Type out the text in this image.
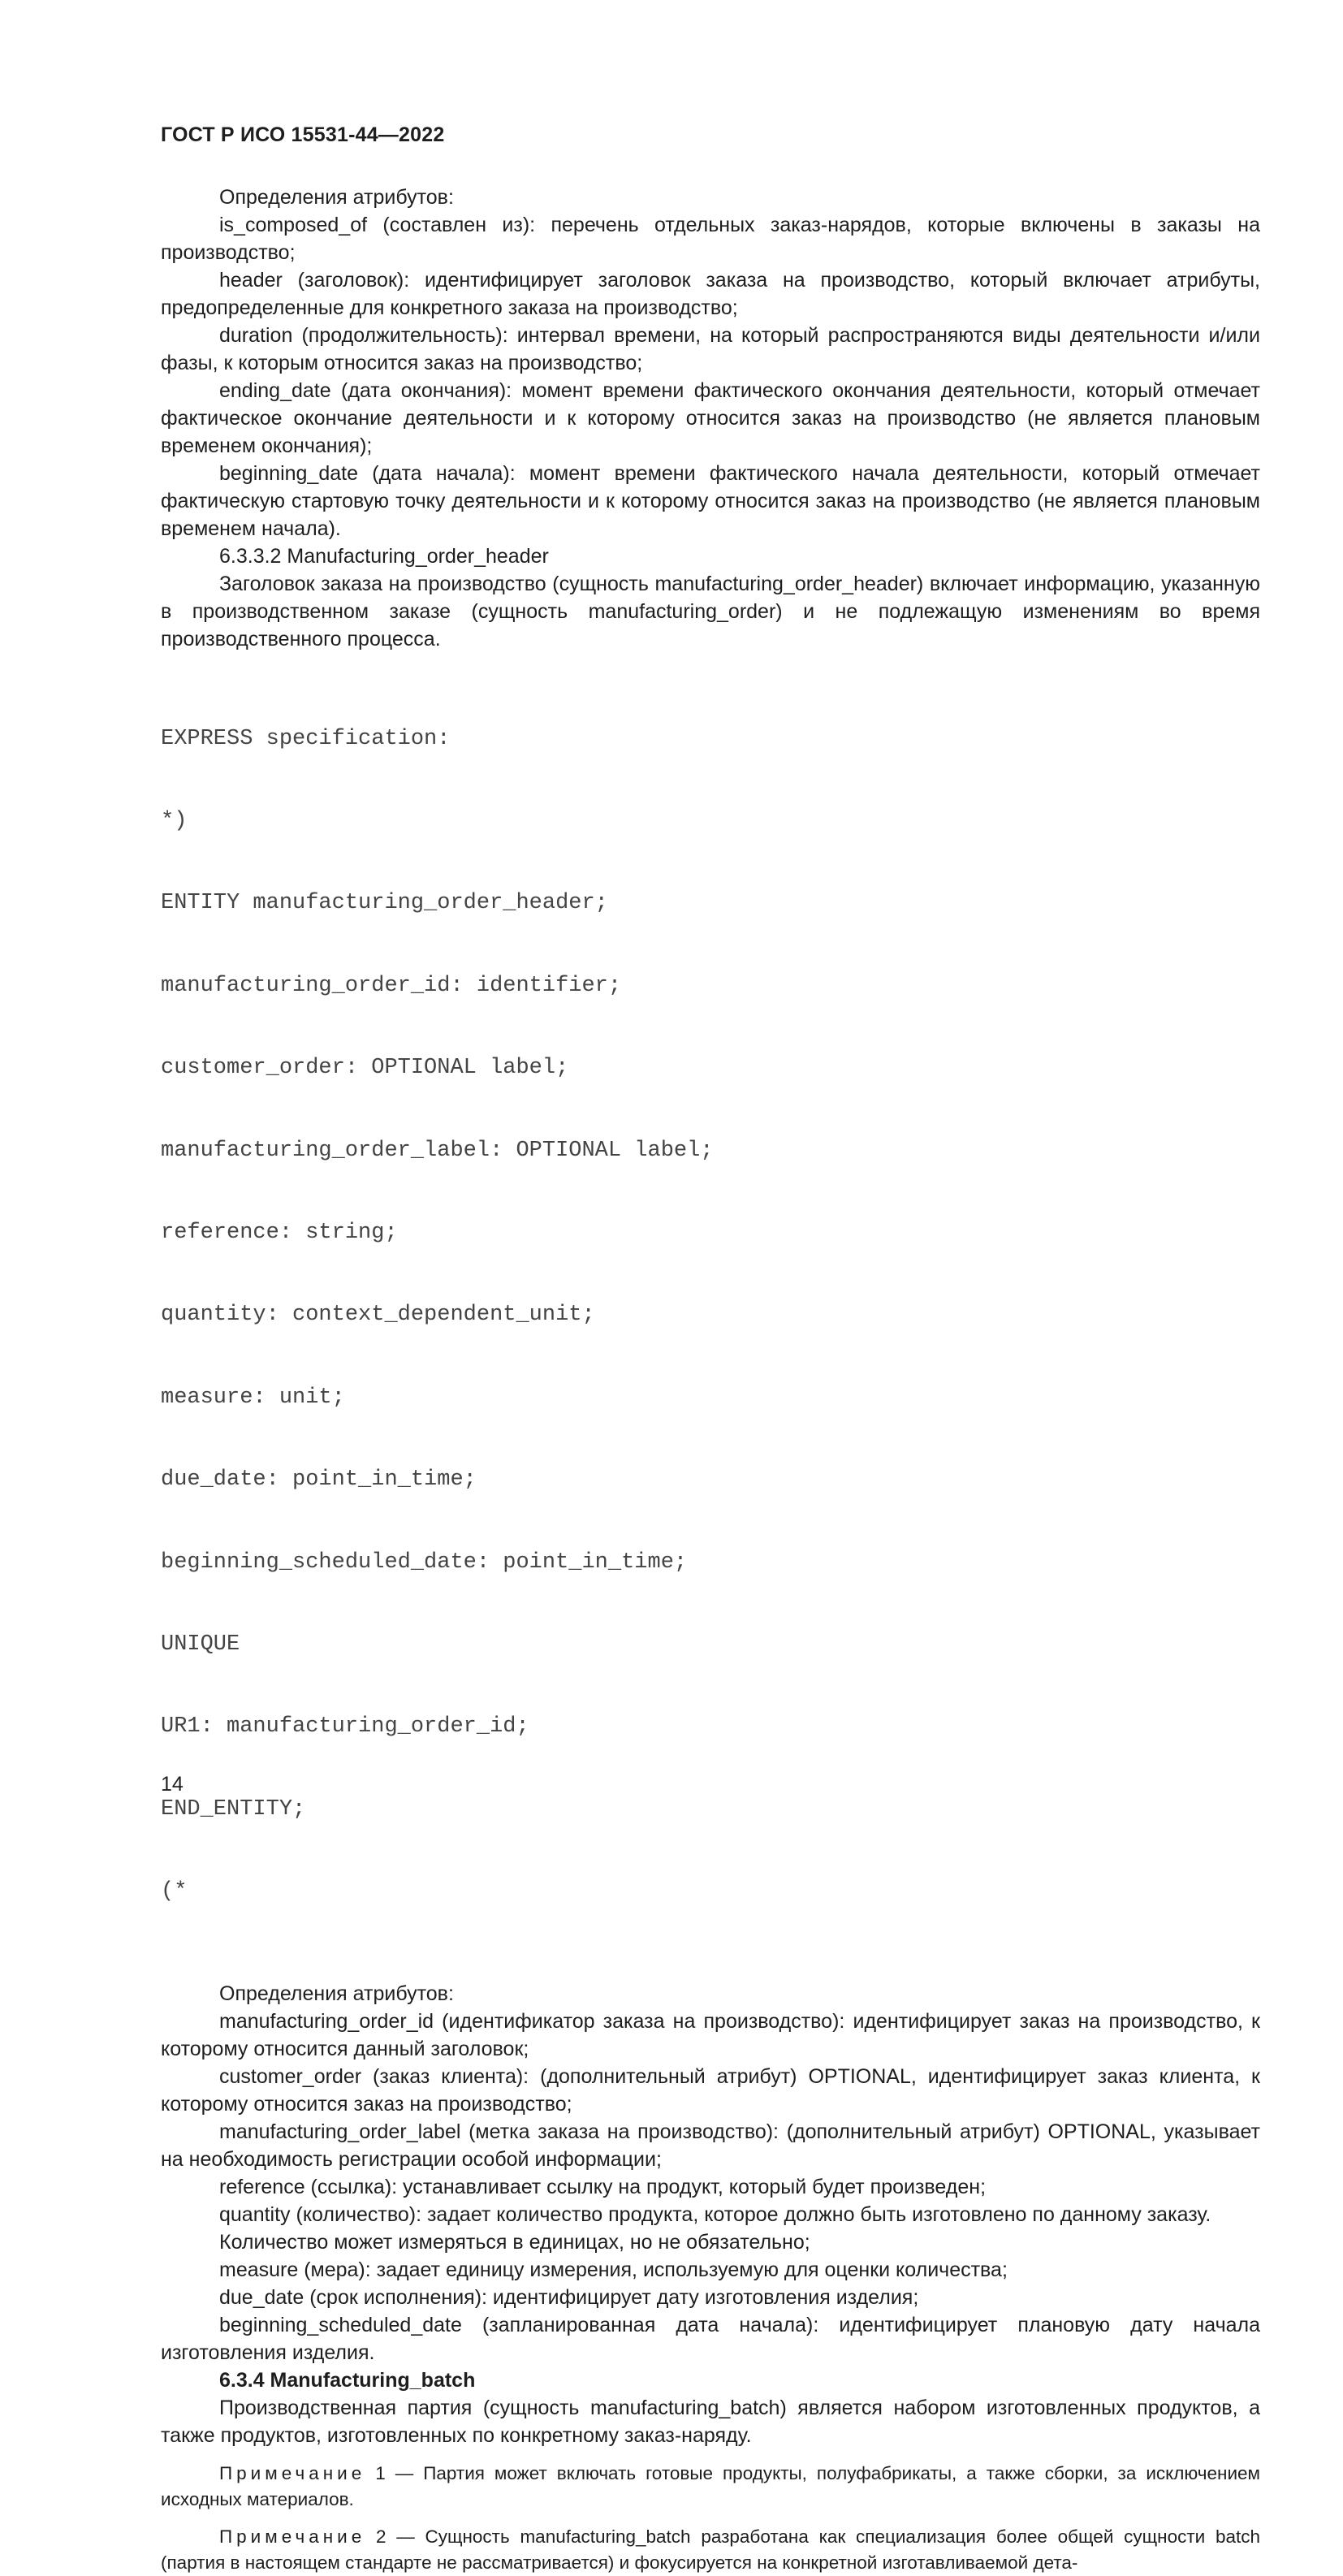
ГОСТ Р ИСО 15531-44—2022

Определения атрибутов:

is_composed_of (составлен из): перечень отдельных заказ-нарядов, которые включены в заказы на производство;

header (заголовок): идентифицирует заголовок заказа на производство, который включает атрибуты, предопределенные для конкретного заказа на производство;

duration (продолжительность): интервал времени, на который распространяются виды деятельности и/или фазы, к которым относится заказ на производство;

ending_date (дата окончания): момент времени фактического окончания деятельности, который отмечает фактическое окончание деятельности и к которому относится заказ на производство (не является плановым временем окончания);

beginning_date (дата начала): момент времени фактического начала деятельности, который отмечает фактическую стартовую точку деятельности и к которому относится заказ на производство (не является плановым временем начала).

6.3.3.2 Manufacturing_order_header

Заголовок заказа на производство (сущность manufacturing_order_header) включает информацию, указанную в производственном заказе (сущность manufacturing_order) и не подлежащую изменениям во время производственного процесса.

EXPRESS specification:

*)

ENTITY manufacturing_order_header;

manufacturing_order_id: identifier;

customer_order: OPTIONAL label;

manufacturing_order_label: OPTIONAL label;

reference: string;

quantity: context_dependent_unit;

measure: unit;

due_date: point_in_time;

beginning_scheduled_date: point_in_time;

UNIQUE

UR1: manufacturing_order_id;

END_ENTITY;

(*

Определения атрибутов:

manufacturing_order_id (идентификатор заказа на производство): идентифицирует заказ на производство, к которому относится данный заголовок;

customer_order (заказ клиента): (дополнительный атрибут) OPTIONAL, идентифицирует заказ клиента, к которому относится заказ на производство;

manufacturing_order_label (метка заказа на производство): (дополнительный атрибут) OPTIONAL, указывает на необходимость регистрации особой информации;

reference (ссылка): устанавливает ссылку на продукт, который будет произведен;

quantity (количество): задает количество продукта, которое должно быть изготовлено по данному заказу.

Количество может измеряться в единицах, но не обязательно;

measure (мера): задает единицу измерения, используемую для оценки количества;

due_date (срок исполнения): идентифицирует дату изготовления изделия;

beginning_scheduled_date (запланированная дата начала): идентифицирует плановую дату начала изготовления изделия.

6.3.4 Manufacturing_batch

Производственная партия (сущность manufacturing_batch) является набором изготовленных продуктов, а также продуктов, изготовленных по конкретному заказ-наряду.

Примечание 1 — Партия может включать готовые продукты, полуфабрикаты, а также сборки, за исключением исходных материалов.

Примечание 2 — Сущность manufacturing_batch разработана как специализация более общей сущности batch (партия в настоящем стандарте не рассматривается) и фокусируется на конкретной изготавливаемой дета-

14
